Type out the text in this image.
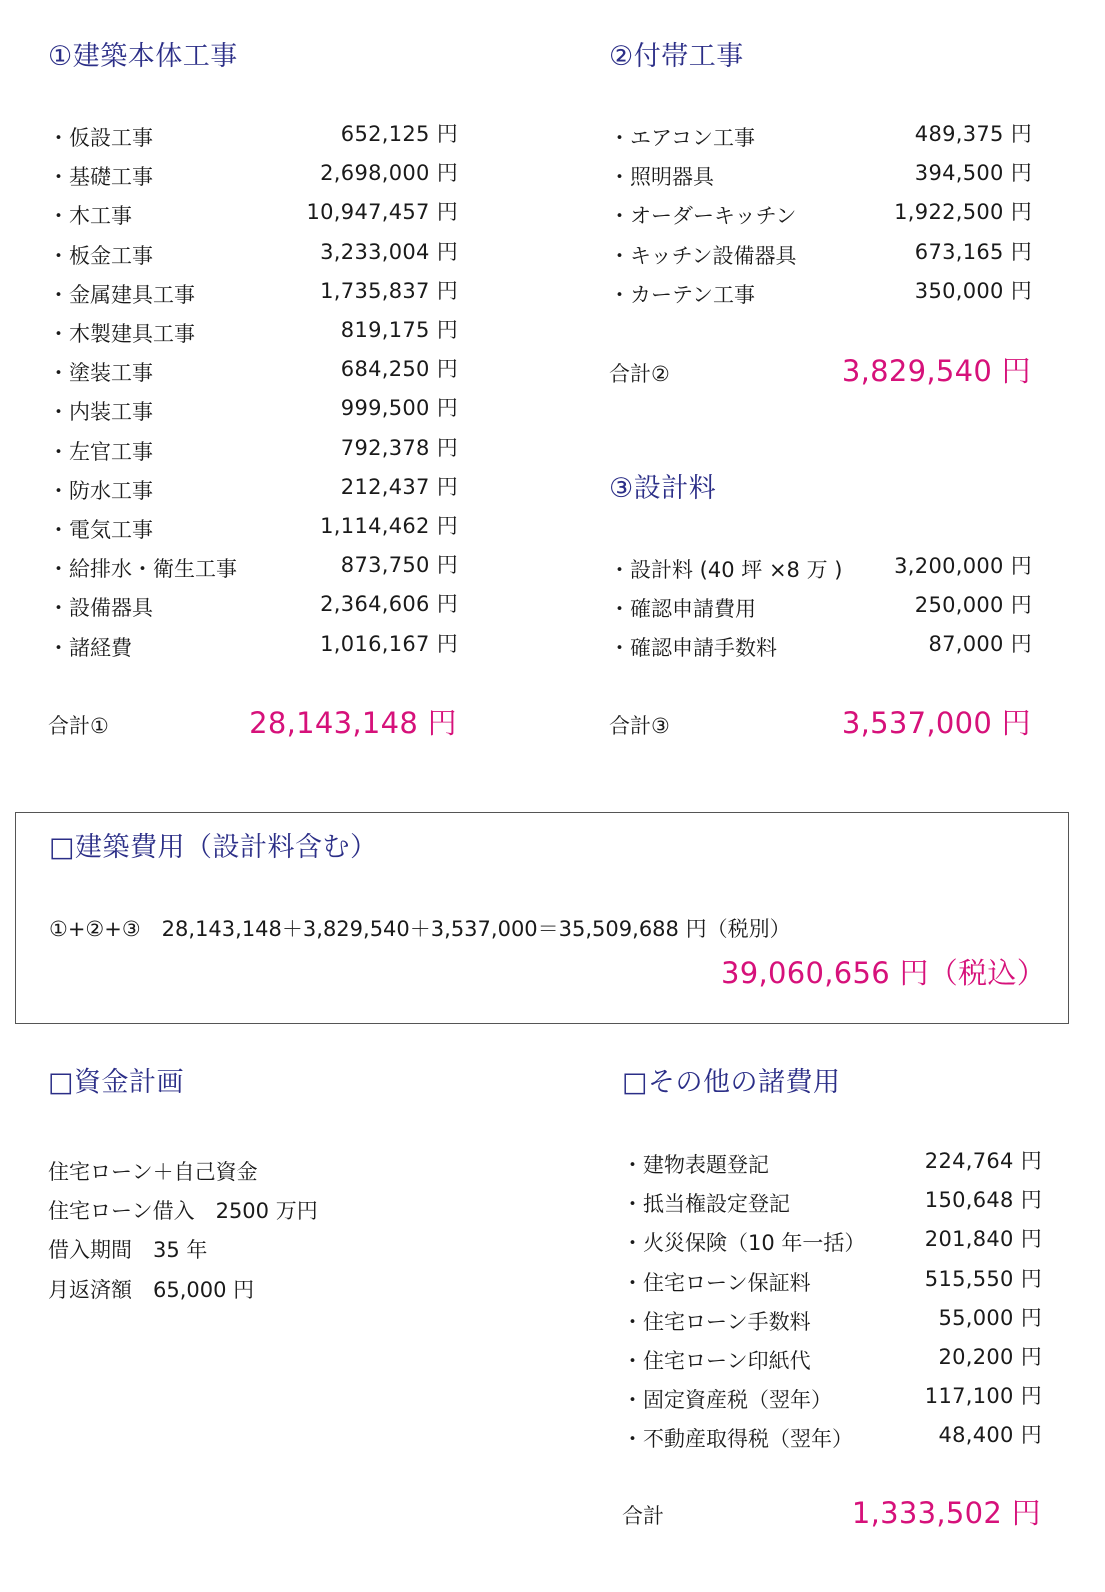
①建築本体工事
・仮設工事	652,125 円
・基礎工事	2,698,000 円
・木工事	10,947,457 円
・板金工事	3,233,004 円
・金属建具工事	1,735,837 円
・木製建具工事	819,175 円
・塗装工事	684,250 円
・内装工事	999,500 円
・左官工事	792,378 円
・防水工事	212,437 円
・電気工事	1,114,462 円
・給排水・衛生工事	873,750 円
・設備器具	2,364,606 円
・諸経費	1,016,167 円
合計①	28,143,148 円
②付帯工事
・エアコン工事	489,375 円
・照明器具	394,500 円
・オーダーキッチン	1,922,500 円
・キッチン設備器具	673,165 円
・カーテン工事	350,000 円
合計②	3,829,540 円
③設計料
・設計料 (40 坪 ×8 万 ) 3,200,000 円
・確認申請費用	250,000 円
・確認申請手数料	87,000 円
合計③	3,537,000 円
□建築費用（設計料含む）
①+②+③　28,143,148＋3,829,540＋3,537,000＝35,509,688 円（税別）
39,060,656 円（税込）
□資金計画
住宅ローン＋自己資金
住宅ローン借入　2500 万円
借入期間　35 年
月返済額　65,000 円
□その他の諸費用
・建物表題登記	224,764 円
・抵当権設定登記	150,648 円
・火災保険（10 年一括）	201,840 円
・住宅ローン保証料	515,550 円
・住宅ローン手数料	55,000 円
・住宅ローン印紙代	20,200 円
・固定資産税（翌年）	117,100 円
・不動産取得税（翌年）	48,400 円
合計	1,333,502 円
